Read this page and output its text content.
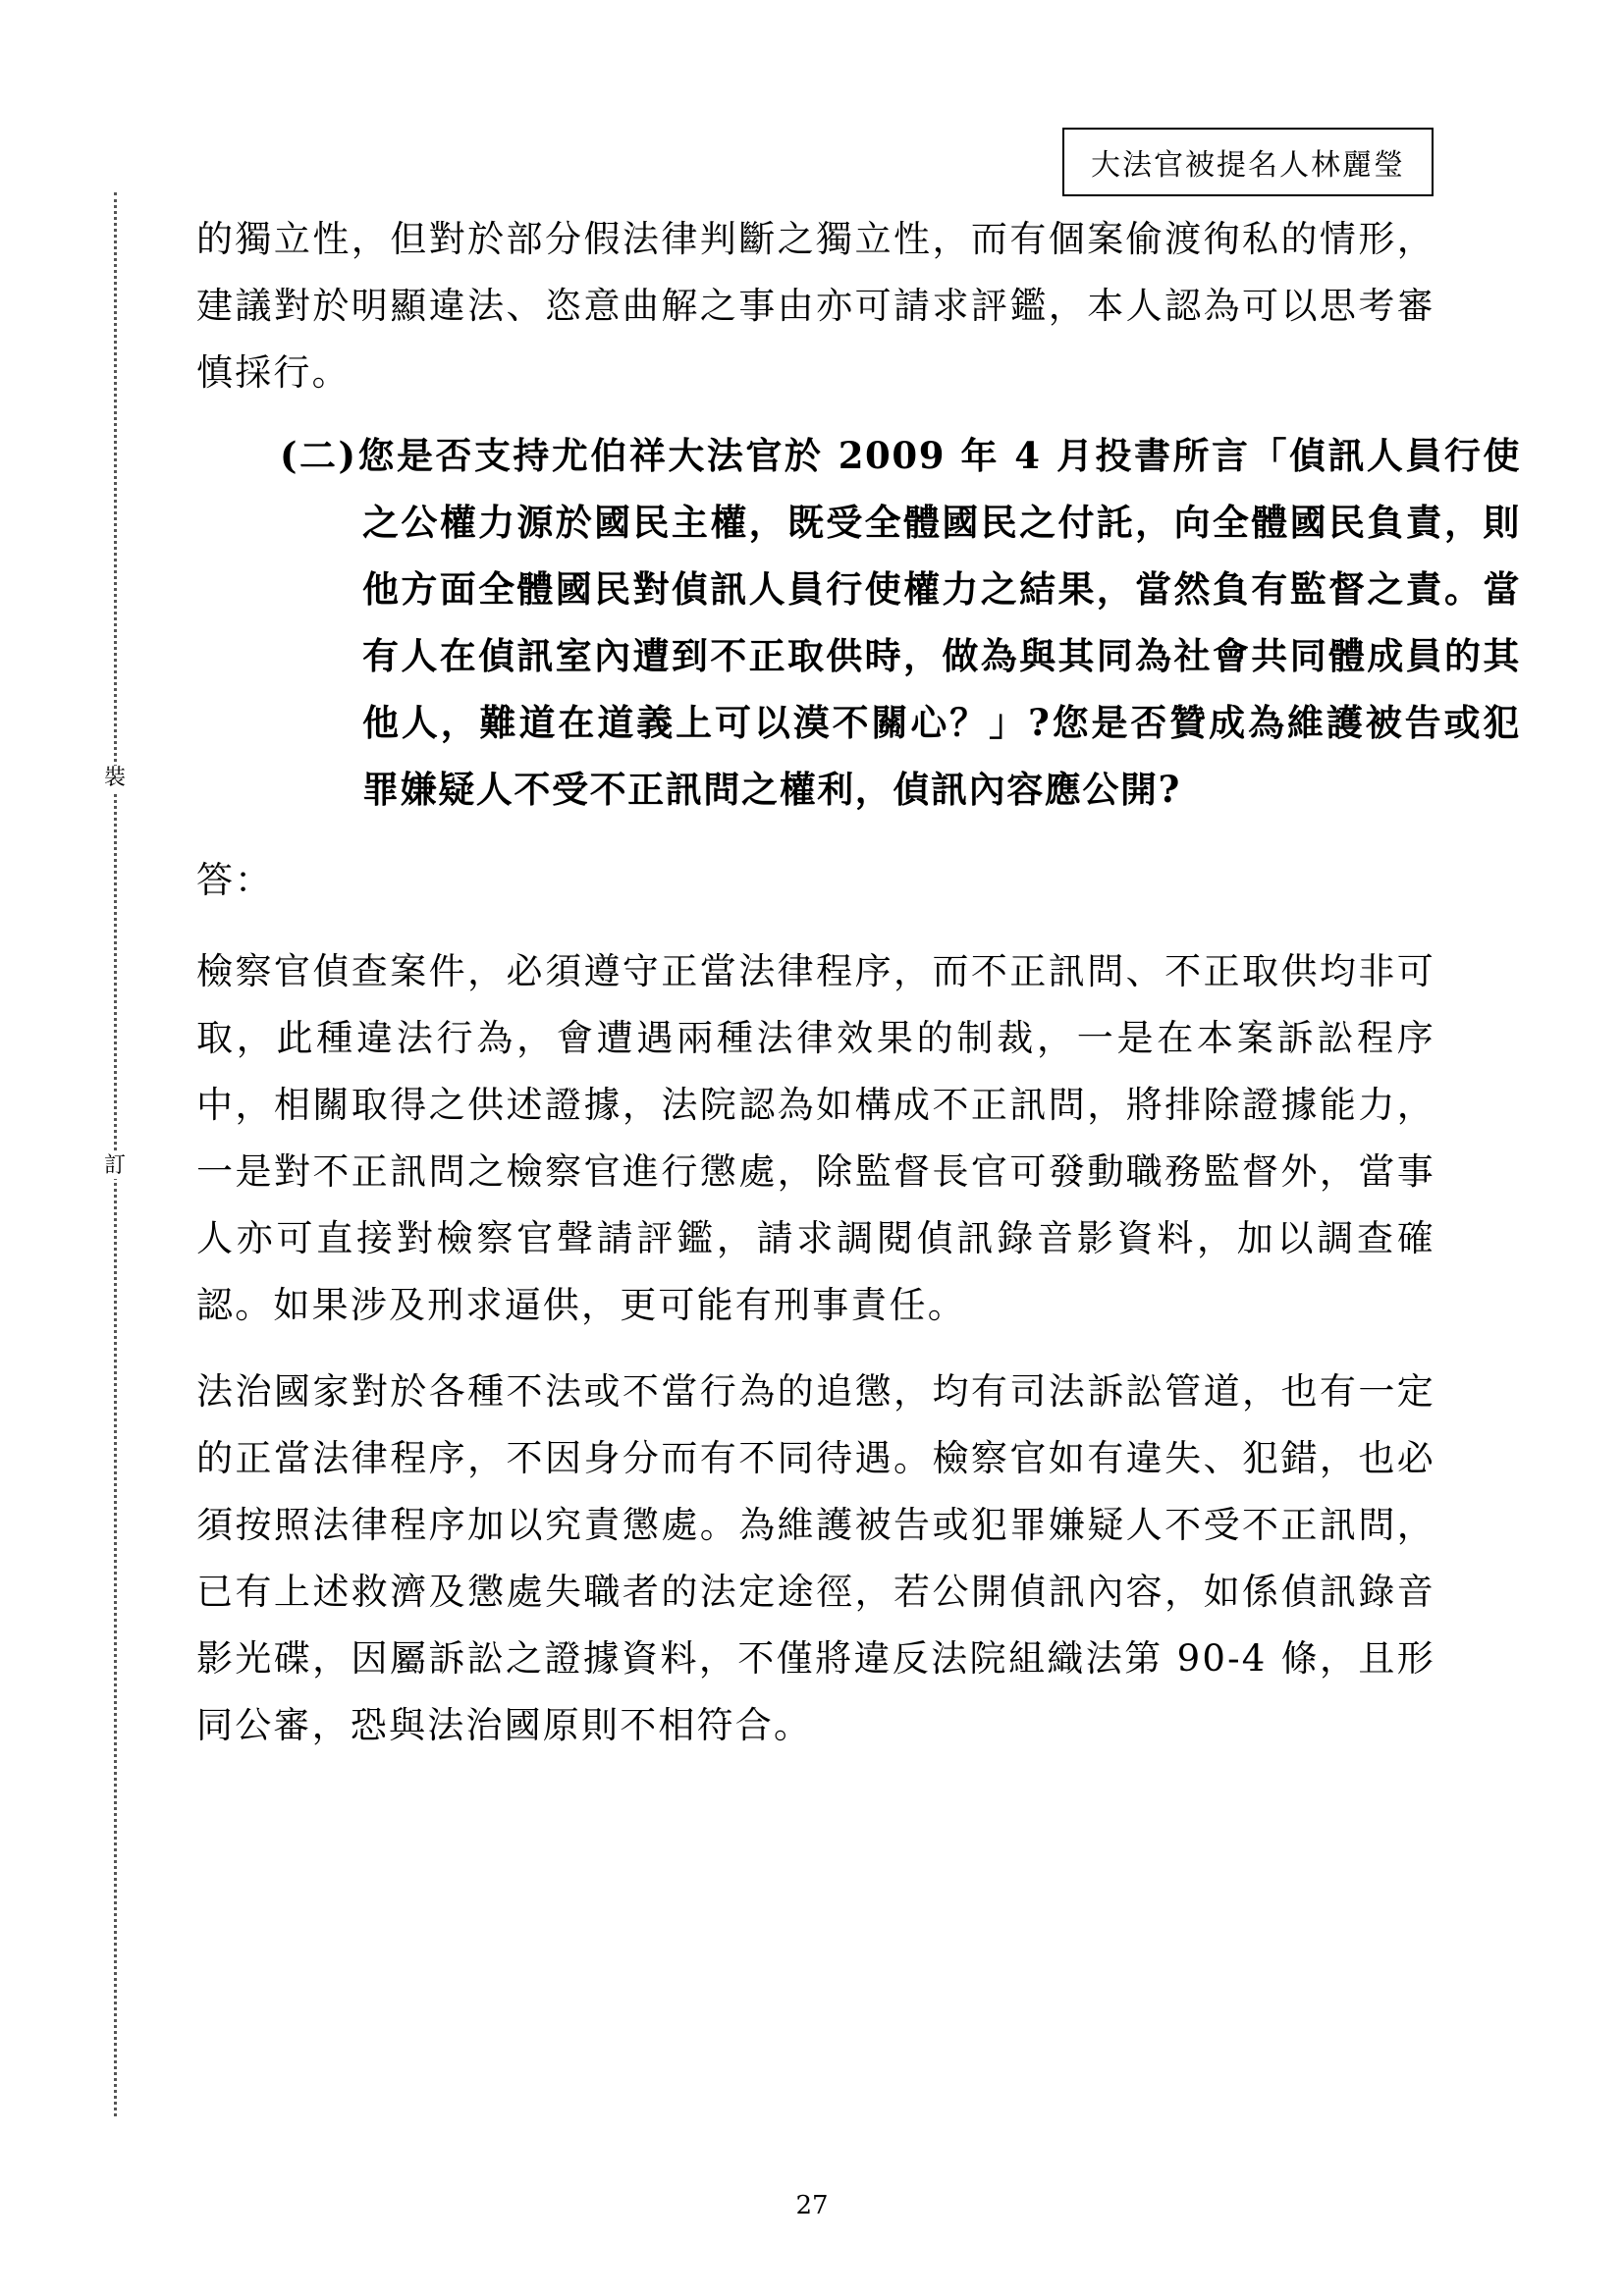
大法官被提名人林麗瑩
裝
訂

的獨立性，但對於部分假法律判斷之獨立性，而有個案偷渡徇私的情形，建議對於明顯違法、恣意曲解之事由亦可請求評鑑，本人認為可以思考審慎採行。

(二)您是否支持尤伯祥大法官於 2009 年 4 月投書所言「偵訊人員行使之公權力源於國民主權，既受全體國民之付託，向全體國民負責，則他方面全體國民對偵訊人員行使權力之結果，當然負有監督之責。當有人在偵訊室內遭到不正取供時，做為與其同為社會共同體成員的其他人，難道在道義上可以漠不關心？」?您是否贊成為維護被告或犯罪嫌疑人不受不正訊問之權利，偵訊內容應公開?

答：

檢察官偵查案件，必須遵守正當法律程序，而不正訊問、不正取供均非可取，此種違法行為，會遭遇兩種法律效果的制裁，一是在本案訴訟程序中，相關取得之供述證據，法院認為如構成不正訊問，將排除證據能力，一是對不正訊問之檢察官進行懲處，除監督長官可發動職務監督外，當事人亦可直接對檢察官聲請評鑑，請求調閱偵訊錄音影資料，加以調查確認。如果涉及刑求逼供，更可能有刑事責任。

法治國家對於各種不法或不當行為的追懲，均有司法訴訟管道，也有一定的正當法律程序，不因身分而有不同待遇。檢察官如有違失、犯錯，也必須按照法律程序加以究責懲處。為維護被告或犯罪嫌疑人不受不正訊問，已有上述救濟及懲處失職者的法定途徑，若公開偵訊內容，如係偵訊錄音影光碟，因屬訴訟之證據資料，不僅將違反法院組織法第 90-4 條，且形同公審，恐與法治國原則不相符合。

27
